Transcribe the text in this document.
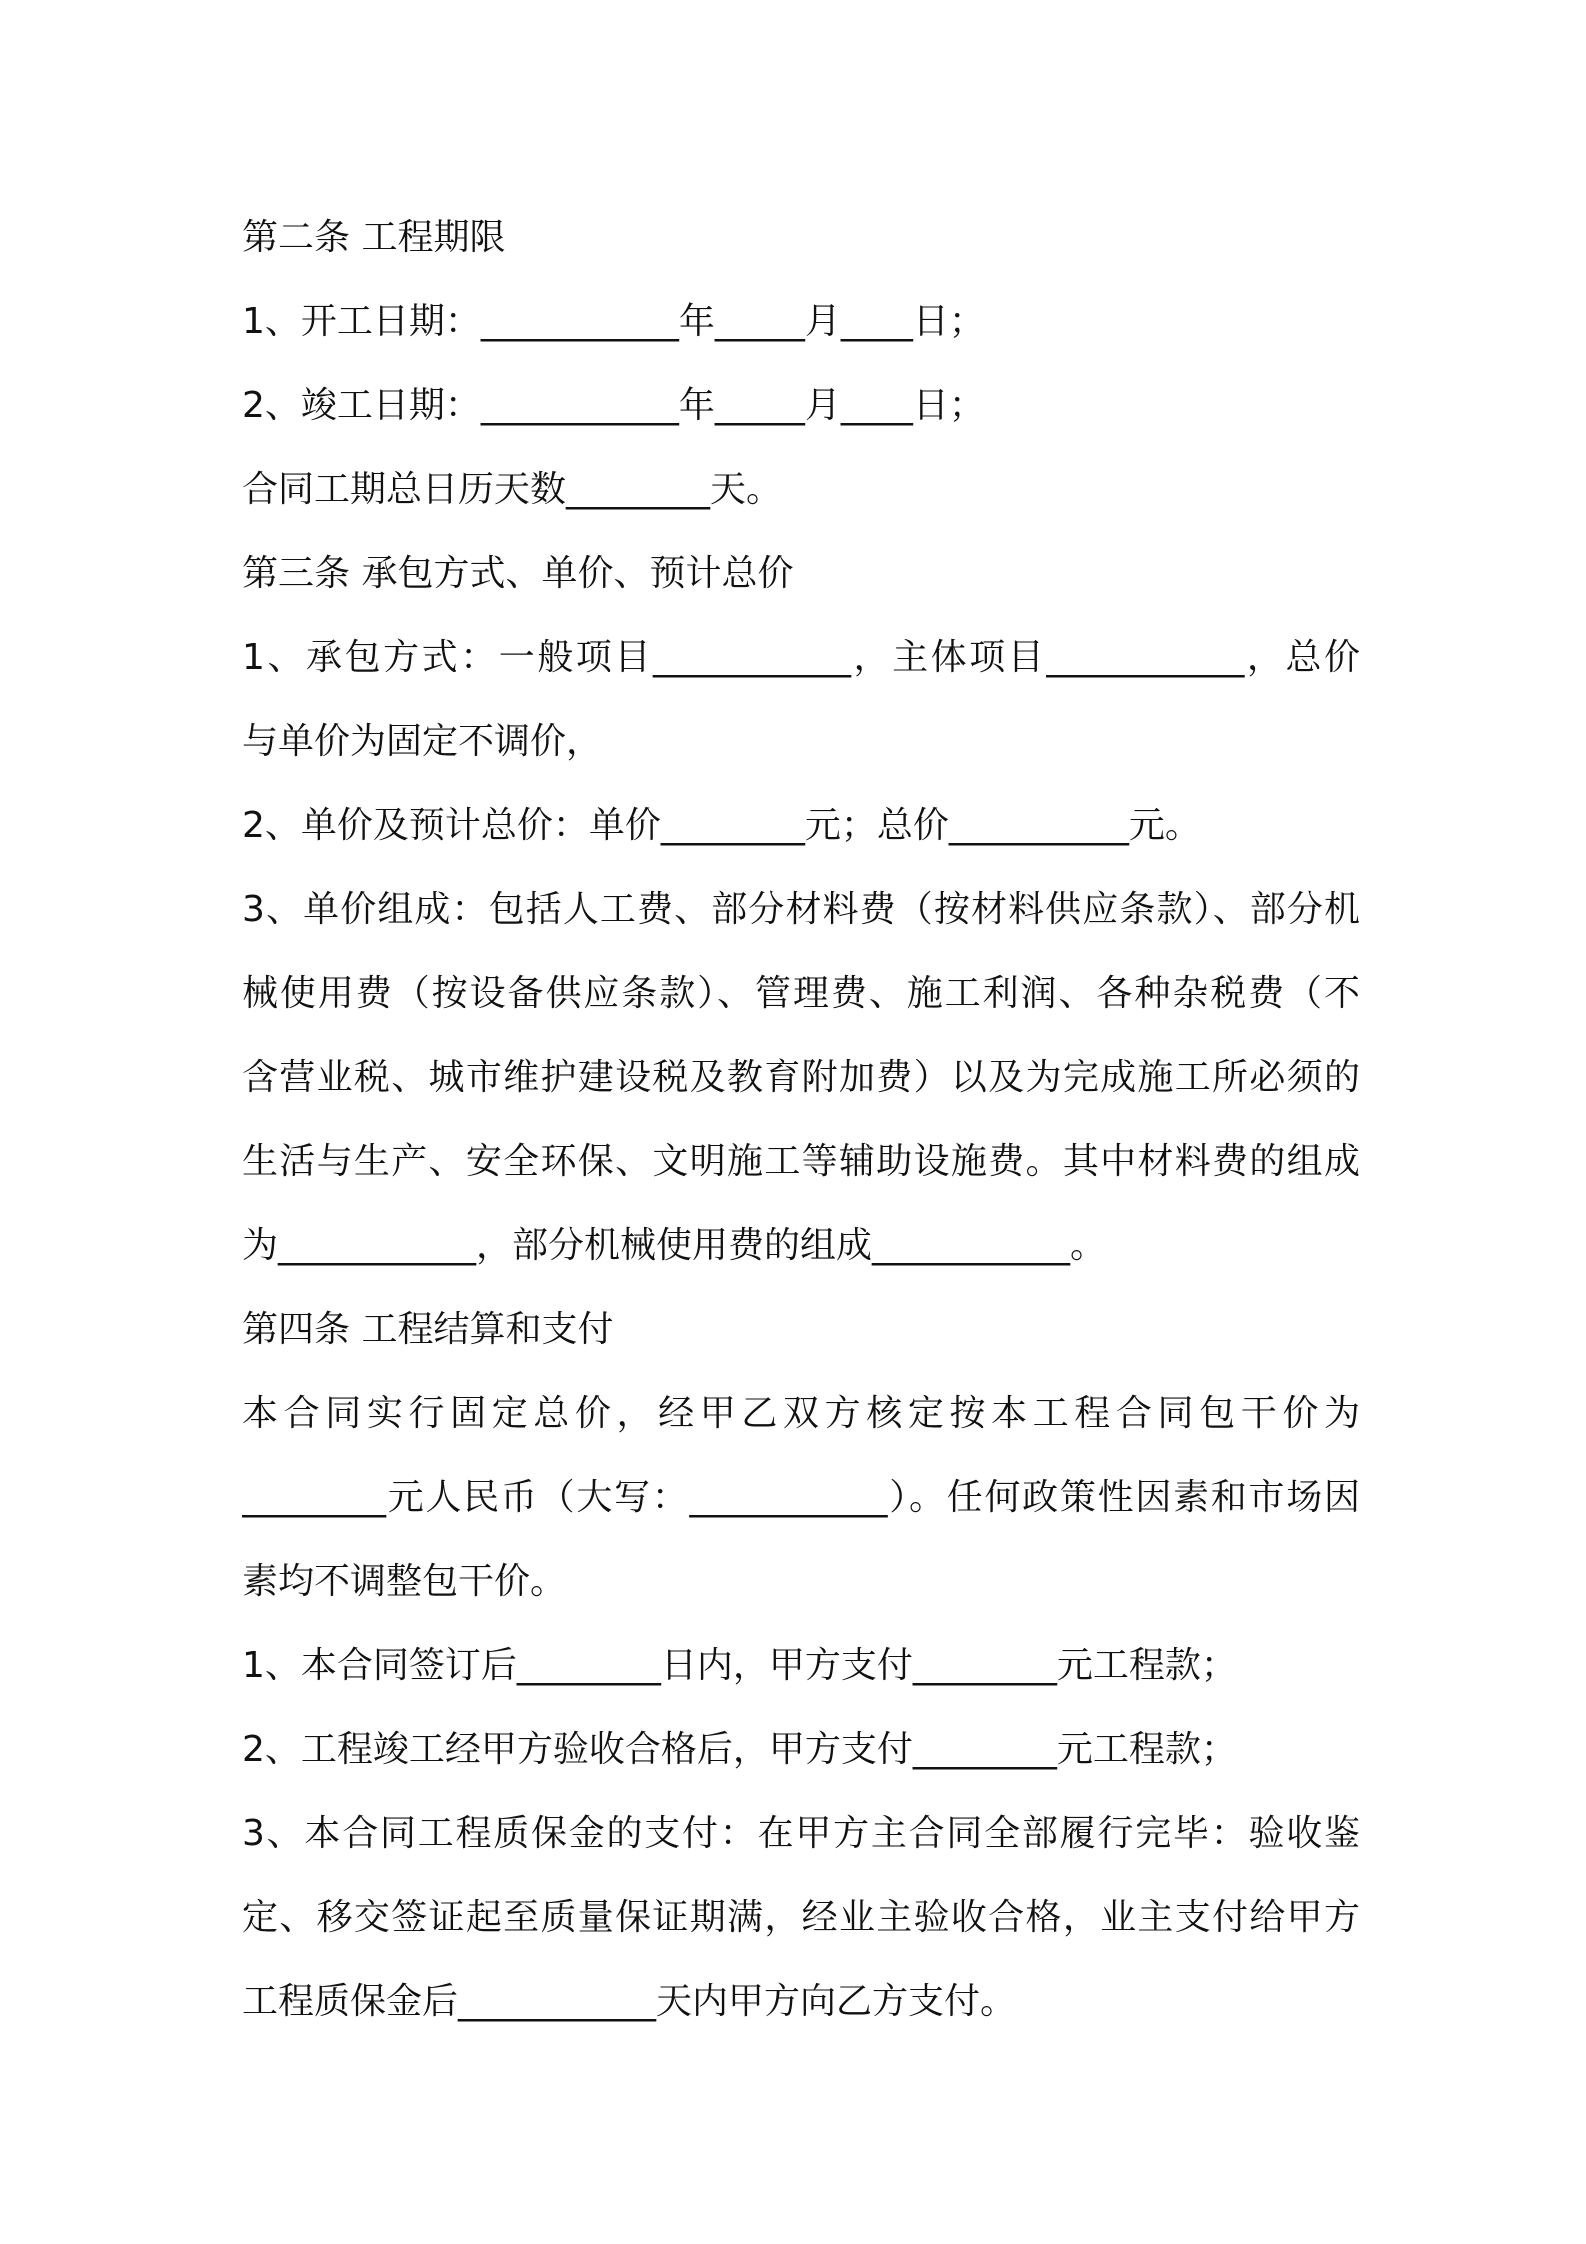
第二条 工程期限
1、开工日期：___________年_____月____日；
2、竣工日期：___________年_____月____日；
合同工期总日历天数________天。
第三条 承包方式、单价、预计总价
1、承包方式：一般项目___________，主体项目___________，总价
与单价为固定不调价，
2、单价及预计总价：单价________元；总价__________元。
3、单价组成：包括人工费、部分材料费（按材料供应条款）、部分机
械使用费（按设备供应条款）、管理费、施工利润、各种杂税费（不
含营业税、城市维护建设税及教育附加费）以及为完成施工所必须的
生活与生产、安全环保、文明施工等辅助设施费。其中材料费的组成
为___________，部分机械使用费的组成___________。
第四条 工程结算和支付
本合同实行固定总价，经甲乙双方核定按本工程合同包干价为
________元人民币（大写：___________）。任何政策性因素和市场因
素均不调整包干价。
1、本合同签订后________日内，甲方支付________元工程款；
2、工程竣工经甲方验收合格后，甲方支付________元工程款；
3、本合同工程质保金的支付：在甲方主合同全部履行完毕：验收鉴
定、移交签证起至质量保证期满，经业主验收合格，业主支付给甲方
工程质保金后___________天内甲方向乙方支付。
